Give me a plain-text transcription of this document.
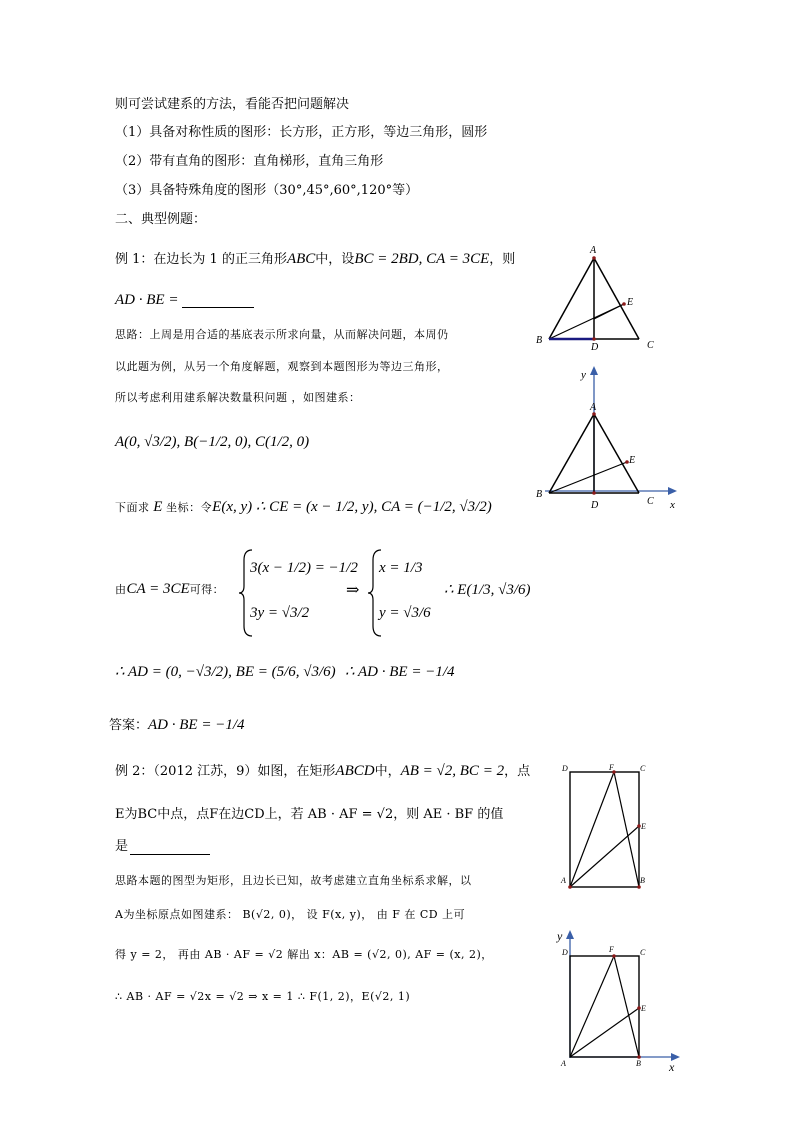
则可尝试建系的方法，看能否把问题解决
（1）具备对称性质的图形：长方形，正方形，等边三角形，圆形
（2）带有直角的图形：直角梯形，直角三角形
（3）具备特殊角度的图形（30°,45°,60°,120°等）
二、典型例题：
例 1：在边长为 1 的正三角形ABC中，设BC = 2BD, CA = 3CE，则
AD · BE =
思路：上周是用合适的基底表示所求向量，从而解决问题，本周仍
以此题为例，从另一个角度解题，观察到本题图形为等边三角形，
所以考虑利用建系解决数量积问题 ，如图建系：
A(0, √3/2), B(−1/2, 0), C(1/2, 0)
下面求 E 坐标：令E(x, y) ∴ CE = (x − 1/2, y), CA = (−1/2, √3/2)
由CA = 3CE可得：
3(x − 1/2) = −1/2
3y = √3/2
⇒
x = 1/3
y = √3/6
∴ E(1/3, √3/6)
∴ AD = (0, −√3/2), BE = (5/6, √3/6) ∴ AD · BE = −1/4
答案：AD · BE = −1/4
例 2：（2012 江苏，9）如图，在矩形ABCD中，AB = √2, BC = 2，点
E为BC中点，点F在边CD上，若 AB · AF = √2，则 AE · BF 的值
是
思路本题的图型为矩形，且边长已知，故考虑建立直角坐标系求解，以
A为坐标原点如图建系： B(√2, 0)， 设 F(x, y)， 由 F 在 CD 上可
得 y = 2， 再由 AB · AF = √2 解出 x：AB = (√2, 0), AF = (x, 2)，
∴ AB · AF = √2x = √2 ⇒ x = 1 ∴ F(1, 2)，E(√2, 1)
A
E
B
D	C
y
A
E
B
D	C x
D	F	C
E
A	B
y
D	F	C
E
A	B x
